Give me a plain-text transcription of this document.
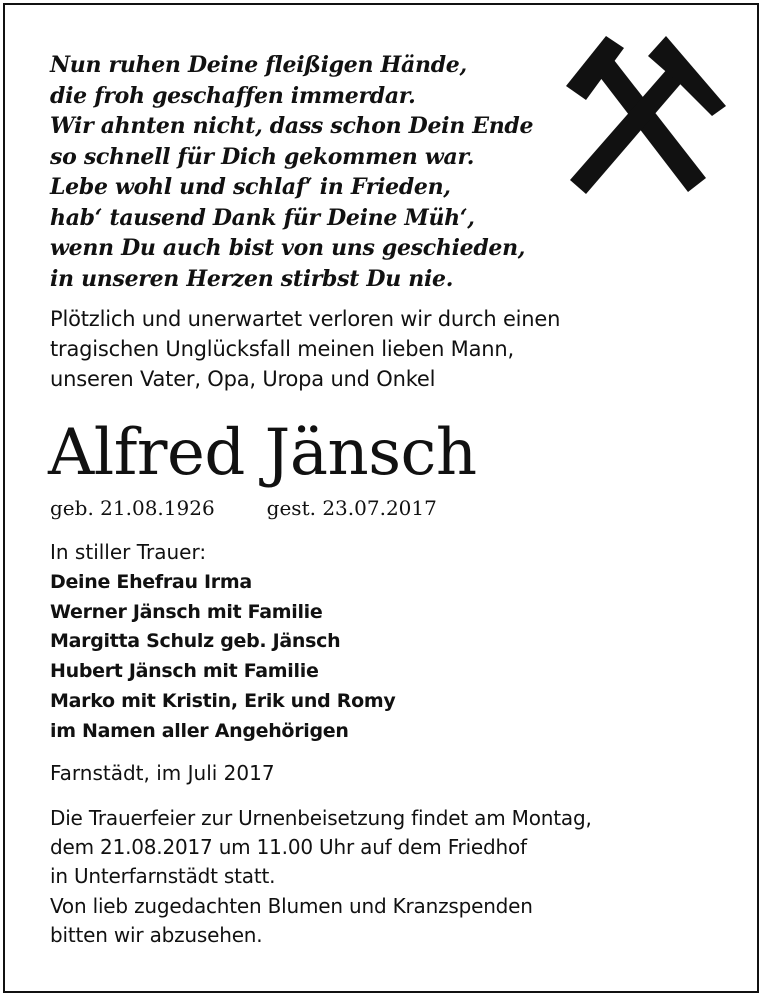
Nun ruhen Deine fleißigen Hände,
die froh geschaffen immerdar.
Wir ahnten nicht, dass schon Dein Ende
so schnell für Dich gekommen war.
Lebe wohl und schlaf‘ in Frieden,
hab‘ tausend Dank für Deine Müh‘,
wenn Du auch bist von uns geschieden,
in unseren Herzen stirbst Du nie.
Plötzlich und unerwartet verloren wir durch einen
tragischen Unglücksfall meinen lieben Mann,
unseren Vater, Opa, Uropa und Onkel
Alfred Jänsch
geb. 21.08.1926	gest. 23.07.2017
In stiller Trauer:
Deine Ehefrau Irma
Werner Jänsch mit Familie
Margitta Schulz geb. Jänsch
Hubert Jänsch mit Familie
Marko mit Kristin, Erik und Romy
im Namen aller Angehörigen
Farnstädt, im Juli 2017
Die Trauerfeier zur Urnenbeisetzung findet am Montag,
dem 21.08.2017 um 11.00 Uhr auf dem Friedhof
in Unterfarnstädt statt.
Von lieb zugedachten Blumen und Kranzspenden
bitten wir abzusehen.
